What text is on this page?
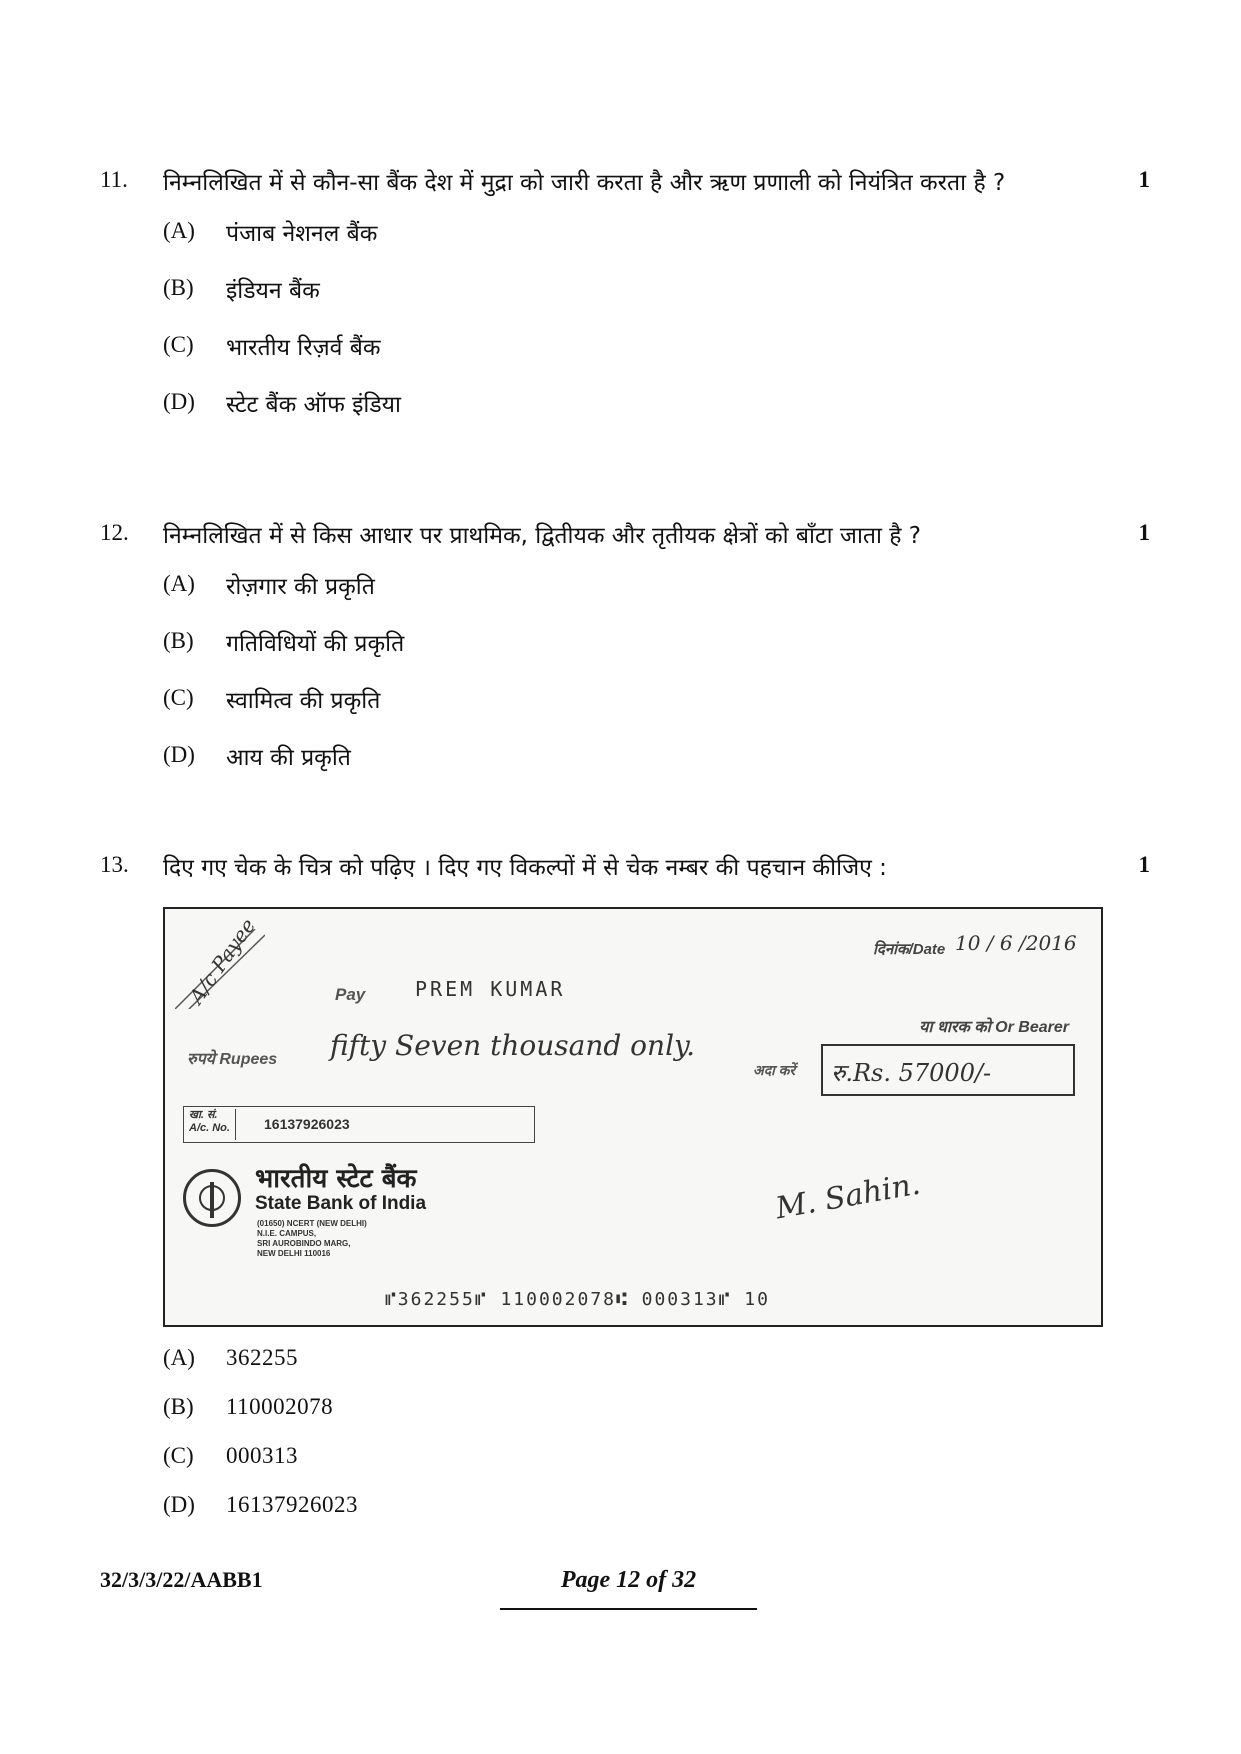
11. निम्नलिखित में से कौन-सा बैंक देश में मुद्रा को जारी करता है और ऋण प्रणाली को नियंत्रित करता है ?	1
(A) पंजाब नेशनल बैंक
(B) इंडियन बैंक
(C) भारतीय रिज़र्व बैंक
(D) स्टेट बैंक ऑफ इंडिया
12. निम्नलिखित में से किस आधार पर प्राथमिक, द्वितीयक और तृतीयक क्षेत्रों को बाँटा जाता है ?	1
(A) रोज़गार की प्रकृति
(B) गतिविधियों की प्रकृति
(C) स्वामित्व की प्रकृति
(D) आय की प्रकृति
13. दिए गए चेक के चित्र को पढ़िए । दिए गए विकल्पों में से चेक नम्बर की पहचान कीजिए :	1
A/c Payee	दिनांक/Date 10 / 6 /2016
Pay PREM KUMAR
या धारक को Or Bearer
रुपये Rupees fifty Seven thousand only.
अदा करें रु.Rs. 57000/-
खा. सं. A/c. No.	16137926023
भारतीय स्टेट बैंक
State Bank of India
(01650) NCERT (NEW DELHI)
N.I.E. CAMPUS,
SRI AUROBINDO MARG,
NEW DELHI 110016
M. Sahin.
⑈362255⑈ 110002078⑆ 000313⑈ 10
(A) 362255
(B) 110002078
(C) 000313
(D) 16137926023
32/3/3/22/AABB1	Page 12 of 32
